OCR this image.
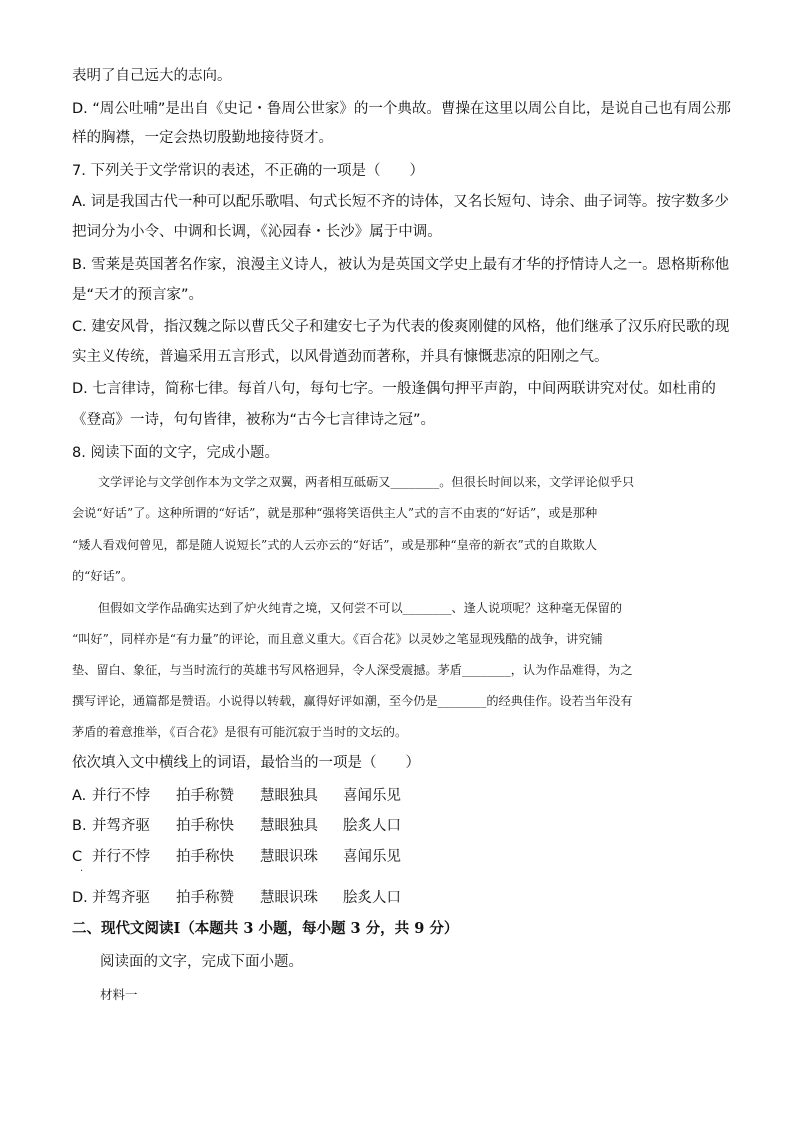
表明了自己远大的志向。
D. “周公吐哺”是出自《史记・鲁周公世家》的一个典故。曹操在这里以周公自比，是说自己也有周公那
样的胸襟，一定会热切殷勤地接待贤才。
7. 下列关于文学常识的表述，不正确的一项是（　　）
A. 词是我国古代一种可以配乐歌唱、句式长短不齐的诗体，又名长短句、诗余、曲子词等。按字数多少
把词分为小令、中调和长调，《沁园春・长沙》属于中调。
B. 雪莱是英国著名作家，浪漫主义诗人，被认为是英国文学史上最有才华的抒情诗人之一。恩格斯称他
是“天才的预言家”。
C. 建安风骨，指汉魏之际以曹氏父子和建安七子为代表的俊爽刚健的风格，他们继承了汉乐府民歌的现
实主义传统，普遍采用五言形式，以风骨遒劲而著称，并具有慷慨悲凉的阳刚之气。
D. 七言律诗，简称七律。每首八句，每句七字。一般逢偶句押平声韵，中间两联讲究对仗。如杜甫的
《登高》一诗，句句皆律，被称为“古今七言律诗之冠”。
8. 阅读下面的文字，完成小题。
文学评论与文学创作本为文学之双翼，两者相互砥砺又________。但很长时间以来，文学评论似乎只
会说“好话”了。这种所谓的“好话”，就是那种“强将笑语供主人”式的言不由衷的“好话”，或是那种
“矮人看戏何曾见，都是随人说短长”式的人云亦云的“好话”，或是那种“皇帝的新衣”式的自欺欺人
的“好话”。
但假如文学作品确实达到了炉火纯青之境，又何尝不可以________、逢人说项呢？这种毫无保留的
“叫好”，同样亦是“有力量”的评论，而且意义重大。《百合花》以灵妙之笔显现残酷的战争，讲究铺
垫、留白、象征，与当时流行的英雄书写风格迥异，令人深受震撼。茅盾________，认为作品难得，为之
撰写评论，通篇都是赞语。小说得以转载，赢得好评如潮，至今仍是________的经典佳作。设若当年没有
茅盾的着意推举，《百合花》是很有可能沉寂于当时的文坛的。
依次填入文中横线上的词语，最恰当的一项是（　　）
A. 并行不悖 拍手称赞 慧眼独具 喜闻乐见
B. 并驾齐驱 拍手称快 慧眼独具 脍炙人口
C 并行不悖 拍手称快 慧眼识珠 喜闻乐见
·
D. 并驾齐驱 拍手称赞 慧眼识珠 脍炙人口
二、现代文阅读Ⅰ（本题共 3 小题，每小题 3 分，共 9 分）
阅读面的文字，完成下面小题。
材料一
